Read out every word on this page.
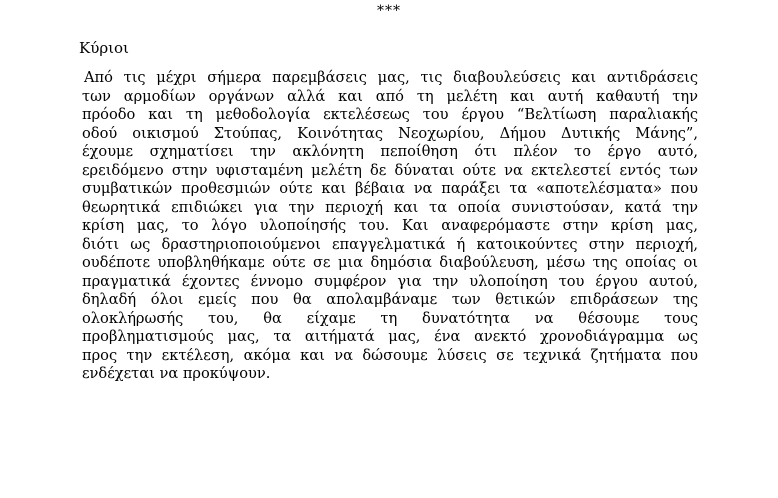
***
Κύριοι
Από τις μέχρι σήμερα παρεμβάσεις μας, τις διαβουλεύσεις και αντιδράσεις
των αρμοδίων οργάνων αλλά και από τη μελέτη και αυτή καθαυτή την
πρόοδο και τη μεθοδολογία εκτελέσεως του έργου “Βελτίωση παραλιακής
οδού οικισμού Στούπας, Κοινότητας Νεοχωρίου, Δήμου Δυτικής Μάνης”,
έχουμε σχηματίσει την ακλόνητη πεποίθηση ότι πλέον το έργο αυτό,
ερειδόμενο στην υφισταμένη μελέτη δε δύναται ούτε να εκτελεστεί εντός των
συμβατικών προθεσμιών ούτε και βέβαια να παράξει τα «αποτελέσματα» που
θεωρητικά επιδιώκει για την περιοχή και τα οποία συνιστούσαν, κατά την
κρίση μας, το λόγο υλοποίησής του. Και αναφερόμαστε στην κρίση μας,
διότι ως δραστηριοποιούμενοι επαγγελματικά ή κατοικούντες στην περιοχή,
ουδέποτε υποβληθήκαμε ούτε σε μια δημόσια διαβούλευση, μέσω της οποίας οι
πραγματικά έχοντες έννομο συμφέρον για την υλοποίηση του έργου αυτού,
δηλαδή όλοι εμείς που θα απολαμβάναμε των θετικών επιδράσεων της
ολοκλήρωσής του, θα είχαμε τη δυνατότητα να θέσουμε τους
προβληματισμούς μας, τα αιτήματά μας, ένα ανεκτό χρονοδιάγραμμα ως
προς την εκτέλεση, ακόμα και να δώσουμε λύσεις σε τεχνικά ζητήματα που
ενδέχεται να προκύψουν.
